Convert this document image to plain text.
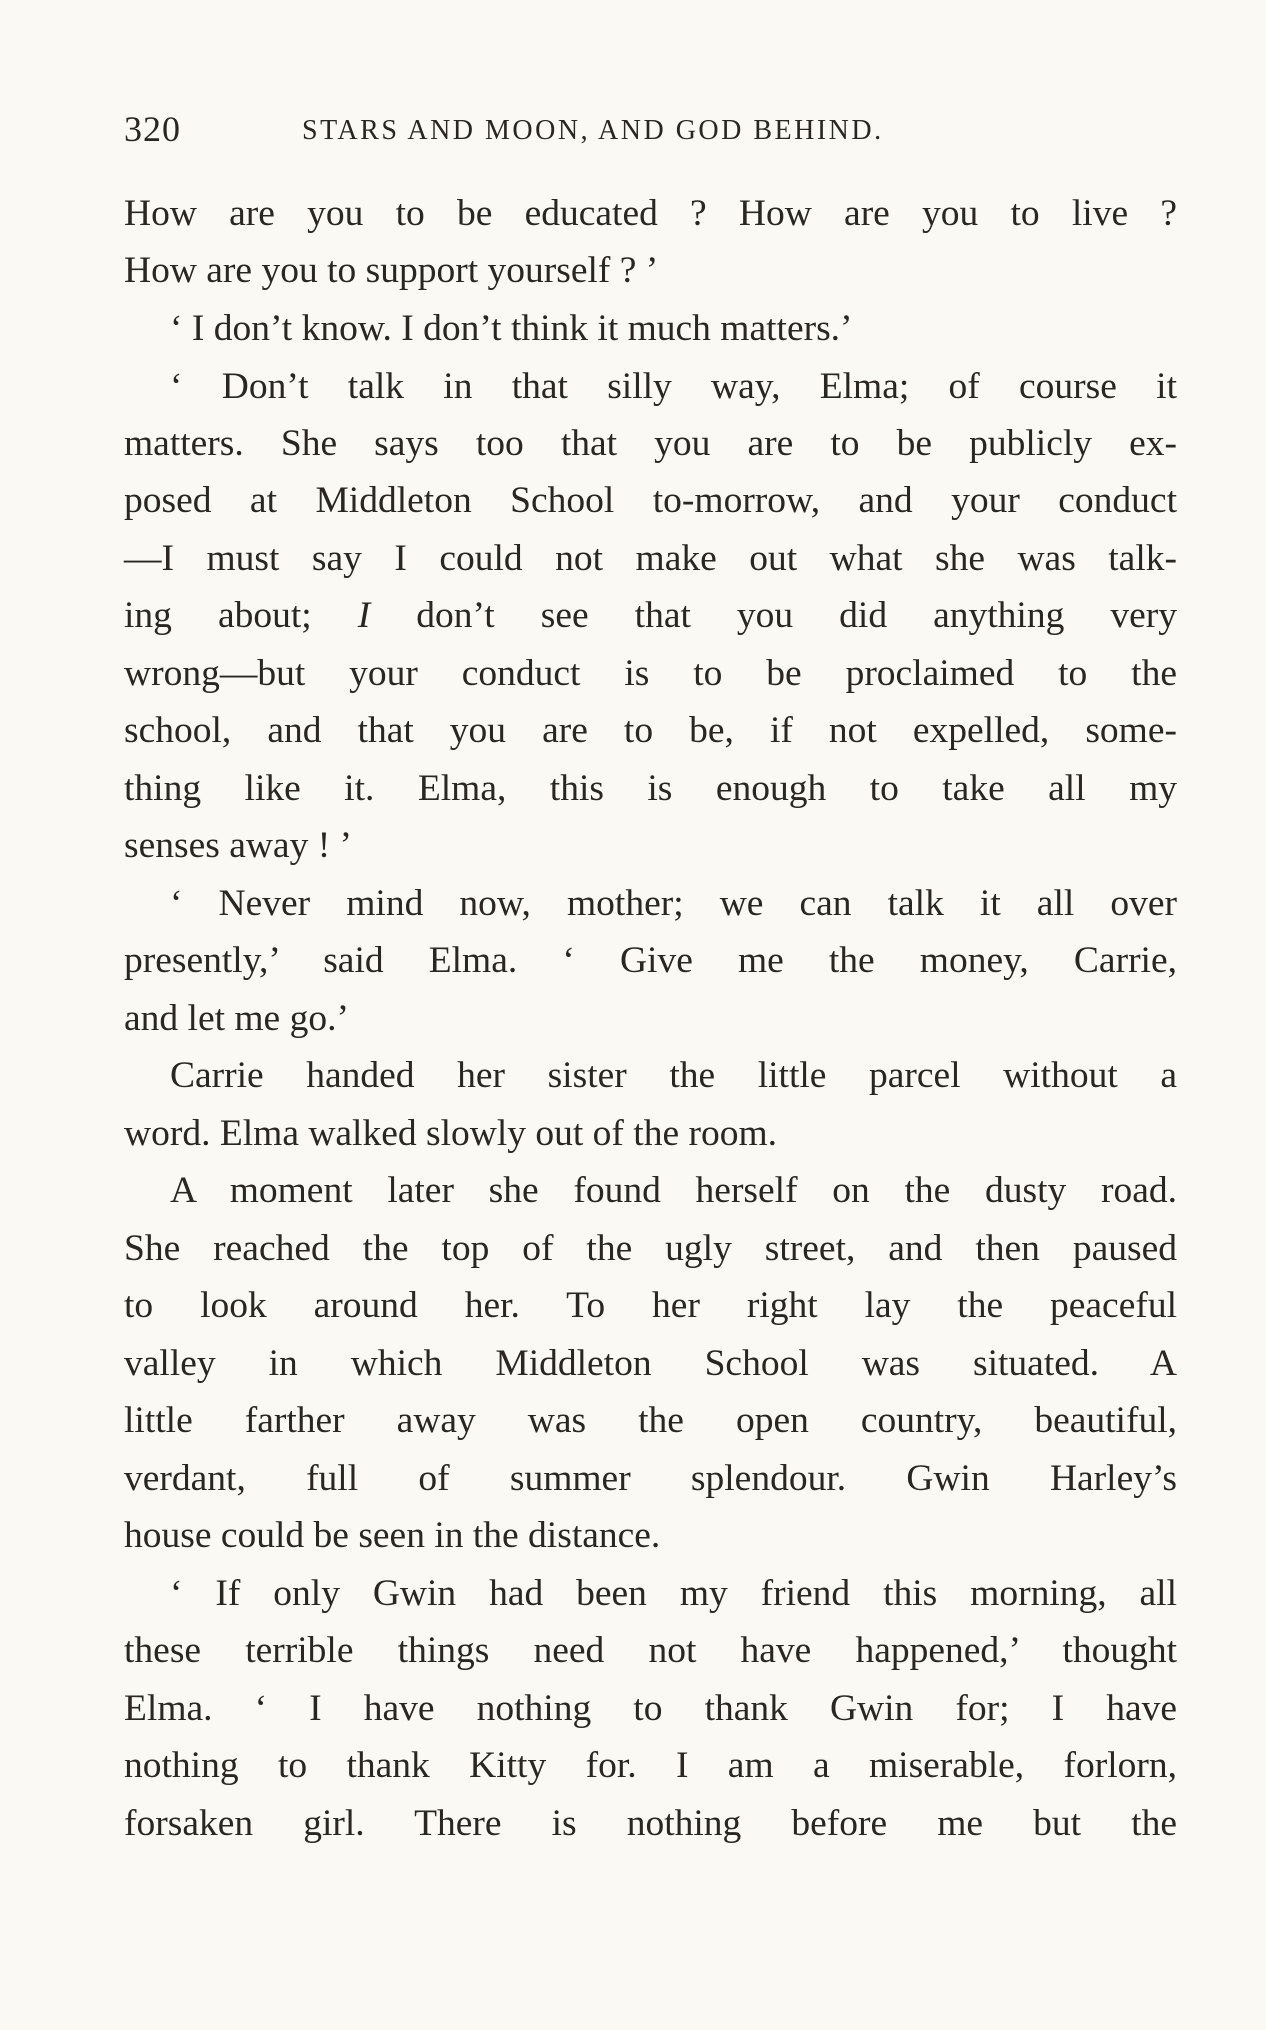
320	STARS AND MOON, AND GOD BEHIND.
How are you to be educated ? How are you to live ?
How are you to support yourself ? ’
‘ I don’t know. I don’t think it much matters.’
‘ Don’t talk in that silly way, Elma; of course it
matters. She says too that you are to be publicly ex-
posed at Middleton School to-morrow, and your conduct
—I must say I could not make out what she was talk-
ing about; I don’t see that you did anything very
wrong—but your conduct is to be proclaimed to the
school, and that you are to be, if not expelled, some-
thing like it. Elma, this is enough to take all my
senses away ! ’
‘ Never mind now, mother; we can talk it all over
presently,’ said Elma. ‘ Give me the money, Carrie,
and let me go.’
Carrie handed her sister the little parcel without a
word. Elma walked slowly out of the room.
A moment later she found herself on the dusty road.
She reached the top of the ugly street, and then paused
to look around her. To her right lay the peaceful
valley in which Middleton School was situated. A
little farther away was the open country, beautiful,
verdant, full of summer splendour. Gwin Harley’s
house could be seen in the distance.
‘ If only Gwin had been my friend this morning, all
these terrible things need not have happened,’ thought
Elma. ‘ I have nothing to thank Gwin for; I have
nothing to thank Kitty for. I am a miserable, forlorn,
forsaken girl. There is nothing before me but the
